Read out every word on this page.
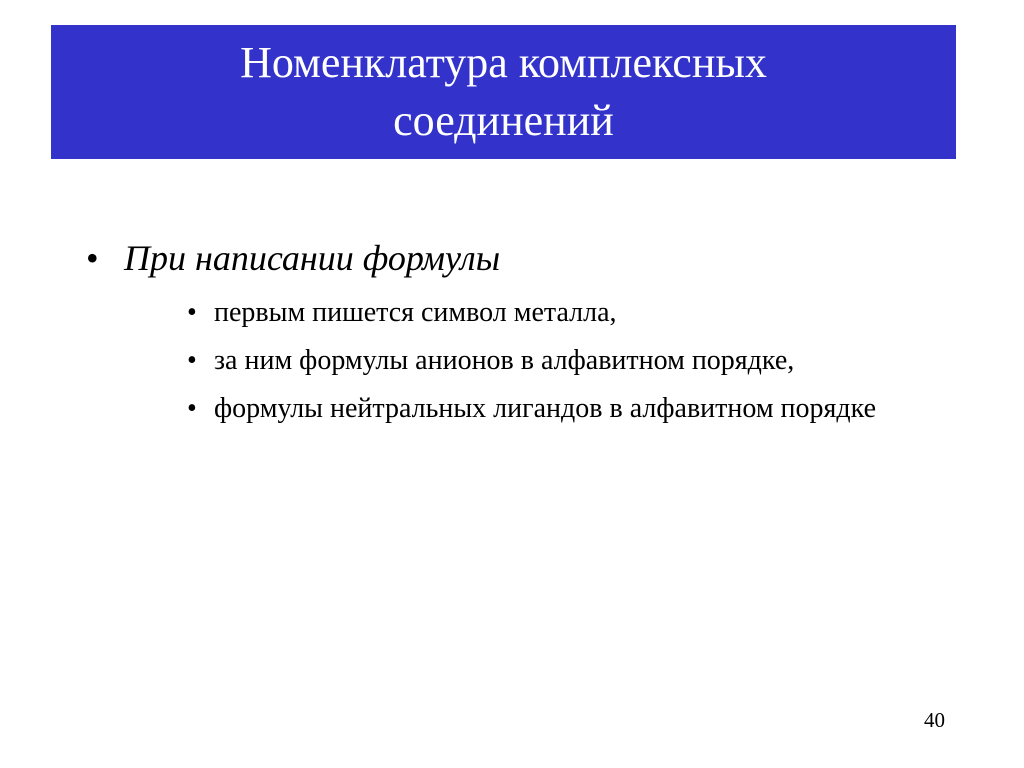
Номенклатура комплексных
соединений
• При написании формулы
• первым пишется символ металла,
• за ним формулы анионов в алфавитном порядке,
• формулы нейтральных лигандов в алфавитном порядке
40
